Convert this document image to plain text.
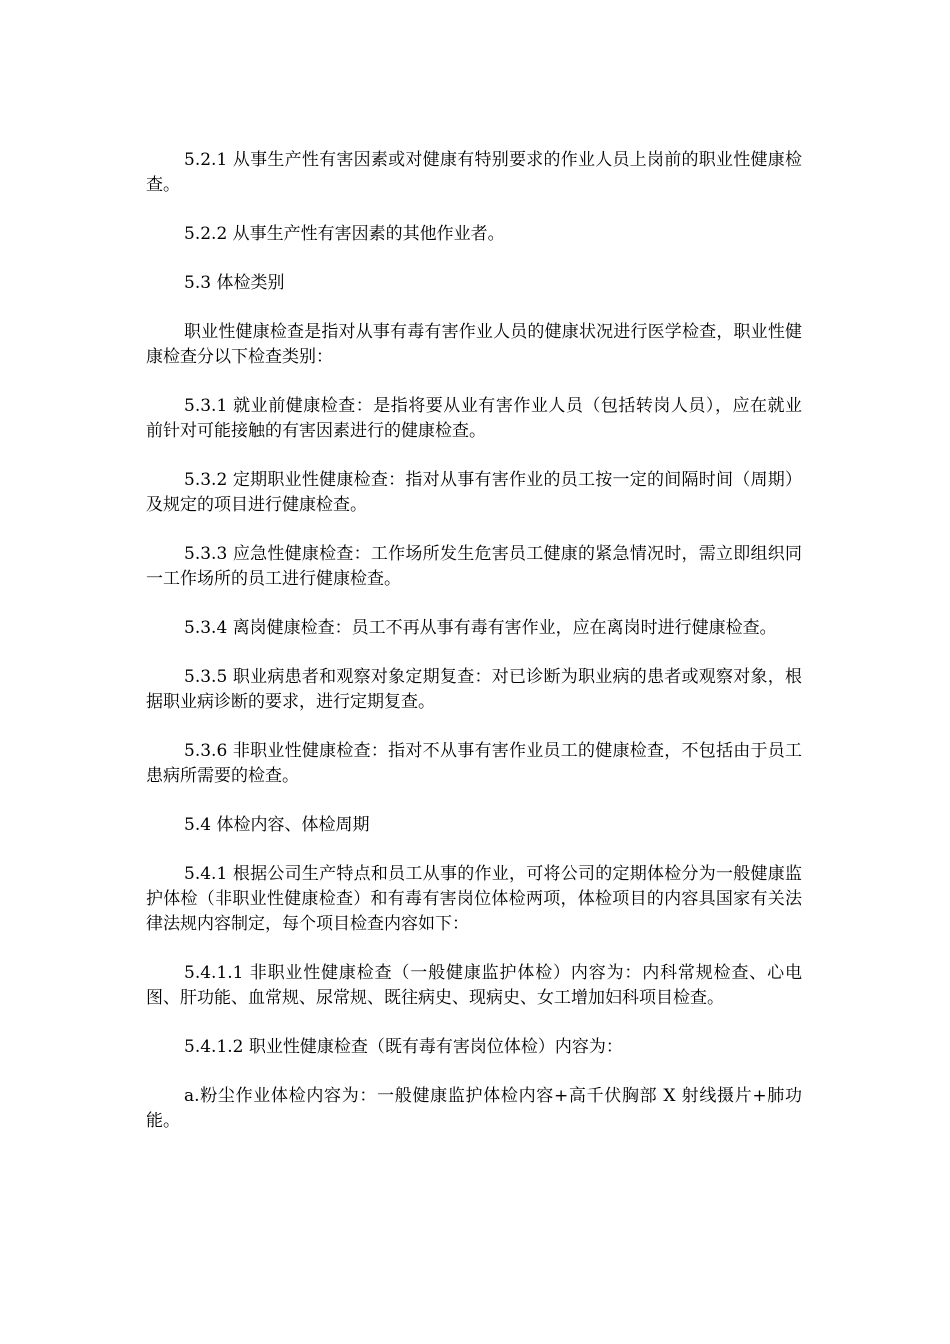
5.2.1 从事生产性有害因素或对健康有特别要求的作业人员上岗前的职业性健康检查。

5.2.2 从事生产性有害因素的其他作业者。

5.3 体检类别

职业性健康检查是指对从事有毒有害作业人员的健康状况进行医学检查，职业性健康检查分以下检查类别：

5.3.1 就业前健康检查：是指将要从业有害作业人员（包括转岗人员），应在就业前针对可能接触的有害因素进行的健康检查。

5.3.2 定期职业性健康检查：指对从事有害作业的员工按一定的间隔时间（周期）及规定的项目进行健康检查。

5.3.3 应急性健康检查：工作场所发生危害员工健康的紧急情况时，需立即组织同一工作场所的员工进行健康检查。

5.3.4 离岗健康检查：员工不再从事有毒有害作业，应在离岗时进行健康检查。

5.3.5 职业病患者和观察对象定期复查：对已诊断为职业病的患者或观察对象，根据职业病诊断的要求，进行定期复查。

5.3.6 非职业性健康检查：指对不从事有害作业员工的健康检查，不包括由于员工患病所需要的检查。

5.4 体检内容、体检周期

5.4.1 根据公司生产特点和员工从事的作业，可将公司的定期体检分为一般健康监护体检（非职业性健康检查）和有毒有害岗位体检两项，体检项目的内容具国家有关法律法规内容制定，每个项目检查内容如下：

5.4.1.1 非职业性健康检查（一般健康监护体检）内容为：内科常规检查、心电图、肝功能、血常规、尿常规、既往病史、现病史、女工增加妇科项目检查。

5.4.1.2 职业性健康检查（既有毒有害岗位体检）内容为：

a.粉尘作业体检内容为：一般健康监护体检内容+高千伏胸部 X 射线摄片+肺功能。
